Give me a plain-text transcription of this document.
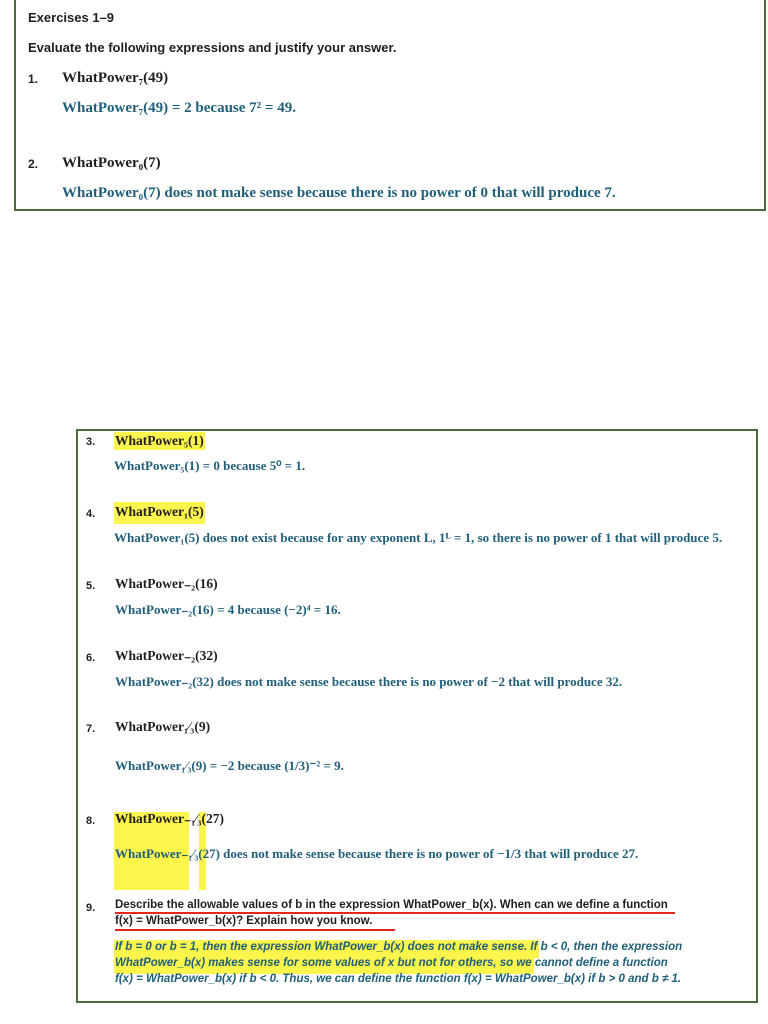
Exercises 1–9
Evaluate the following expressions and justify your answer.
1. WhatPower₇(49)
WhatPower₇(49) = 2 because 7² = 49.
2. WhatPower₀(7)
WhatPower₀(7) does not make sense because there is no power of 0 that will produce 7.
3. WhatPower₅(1)
WhatPower₅(1) = 0 because 5⁰ = 1.
4. WhatPower₁(5)
WhatPower₁(5) does not exist because for any exponent L, 1ᴸ = 1, so there is no power of 1 that will produce 5.
5. WhatPower₋₂(16)
WhatPower₋₂(16) = 4 because (−2)⁴ = 16.
6. WhatPower₋₂(32)
WhatPower₋₂(32) does not make sense because there is no power of −2 that will produce 32.
7. WhatPower₁⁄₃(9)
WhatPower₁⁄₃(9) = −2 because (1/3)⁻² = 9.
8. WhatPower₋₁⁄₃(27)
WhatPower₋₁⁄₃(27) does not make sense because there is no power of −1/3 that will produce 27.
9. Describe the allowable values of b in the expression WhatPower_b(x). When can we define a function
f(x) = WhatPower_b(x)? Explain how you know.
If b = 0 or b = 1, then the expression WhatPower_b(x) does not make sense. If b < 0, then the expression
WhatPower_b(x) makes sense for some values of x but not for others, so we cannot define a function
f(x) = WhatPower_b(x) if b < 0. Thus, we can define the function f(x) = WhatPower_b(x) if b > 0 and b ≠ 1.
